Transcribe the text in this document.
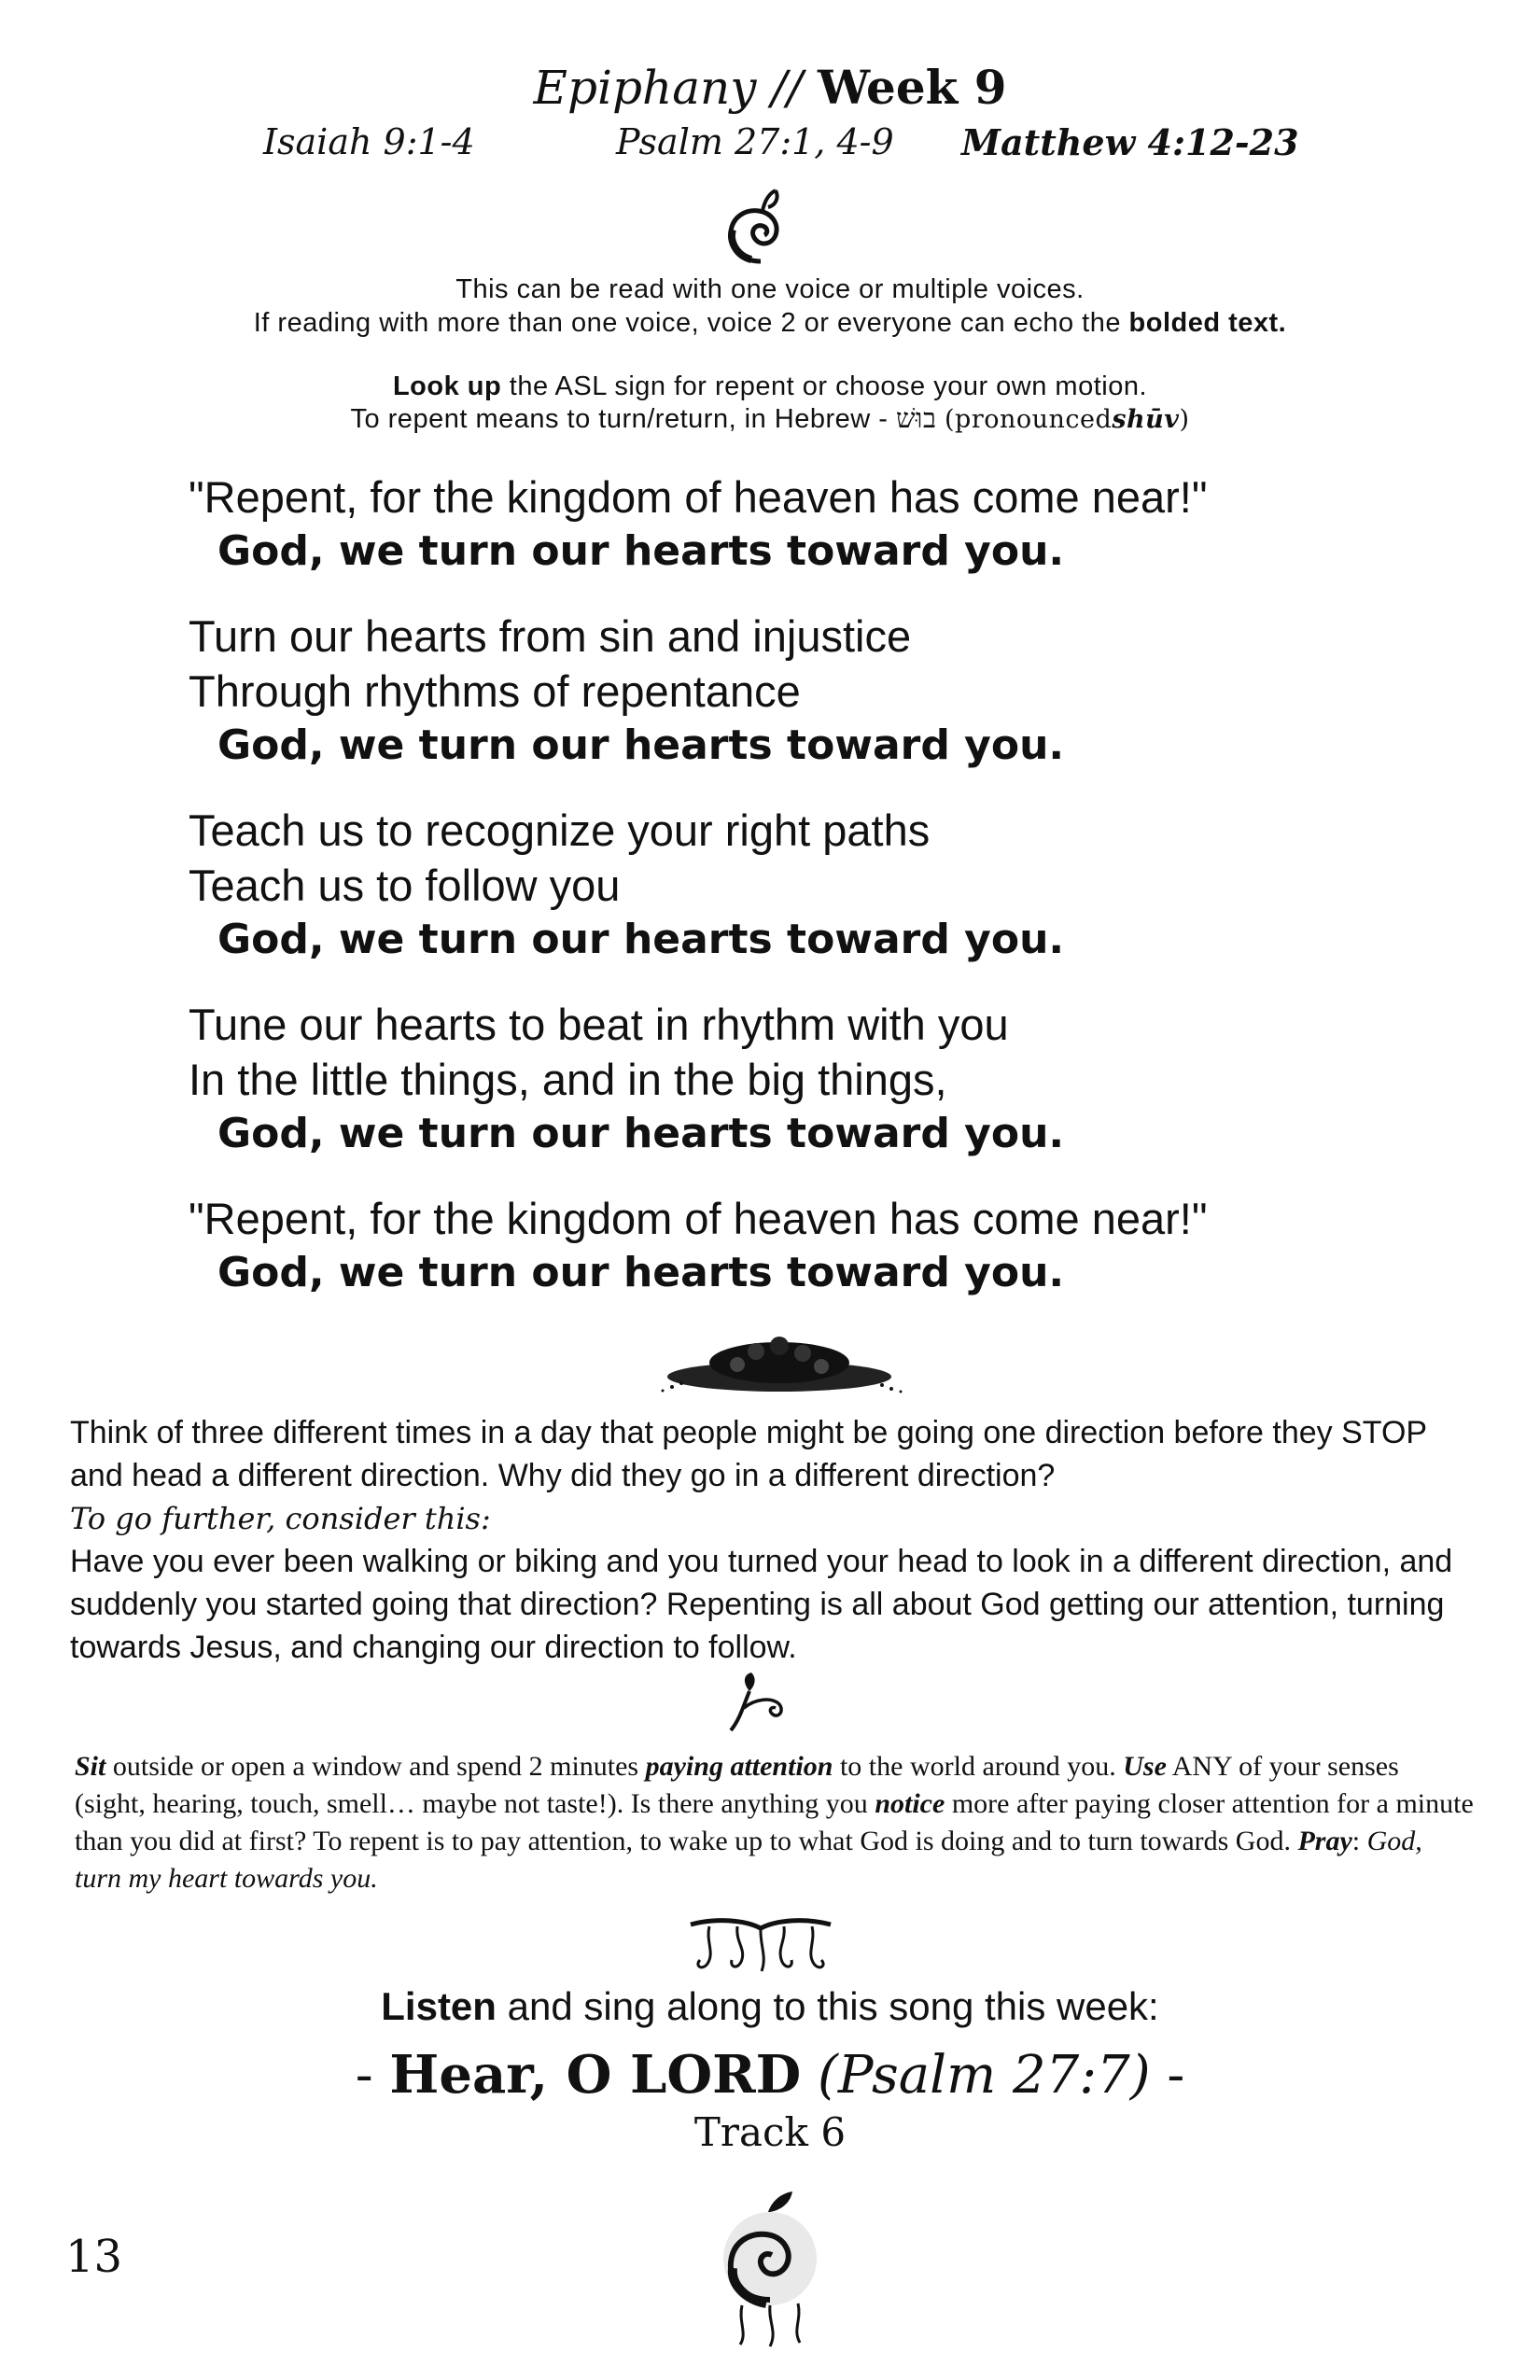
Epiphany // Week 9
Isaiah 9:1-4	Psalm 27:1, 4-9 Matthew 4:12-23
This can be read with one voice or multiple voices.
If reading with more than one voice, voice 2 or everyone can echo the bolded text.
Look up the ASL sign for repent or choose your own motion.
To repent means to turn/return, in Hebrew - בוּשׁ (pronouncedshūv)
"Repent, for the kingdom of heaven has come near!"
God, we turn our hearts toward you.
Turn our hearts from sin and injustice
Through rhythms of repentance
God, we turn our hearts toward you.
Teach us to recognize your right paths
Teach us to follow you
God, we turn our hearts toward you.
Tune our hearts to beat in rhythm with you
In the little things, and in the big things,
God, we turn our hearts toward you.
"Repent, for the kingdom of heaven has come near!"
God, we turn our hearts toward you.

Think of three different times in a day that people might be going one direction before they STOP and head a different direction. Why did they go in a different direction?

To go further, consider this:

Have you ever been walking or biking and you turned your head to look in a different direction, and suddenly you started going that direction? Repenting is all about God getting our attention, turning towards Jesus, and changing our direction to follow.

Sit outside or open a window and spend 2 minutes paying attention to the world around you. Use ANY of your senses (sight, hearing, touch, smell… maybe not taste!). Is there anything you notice more after paying closer attention for a minute than you did at first? To repent is to pay attention, to wake up to what God is doing and to turn towards God. Pray: God, turn my heart towards you.
Listen and sing along to this song this week:
- Hear, O LORD (Psalm 27:7) -
Track 6
13
